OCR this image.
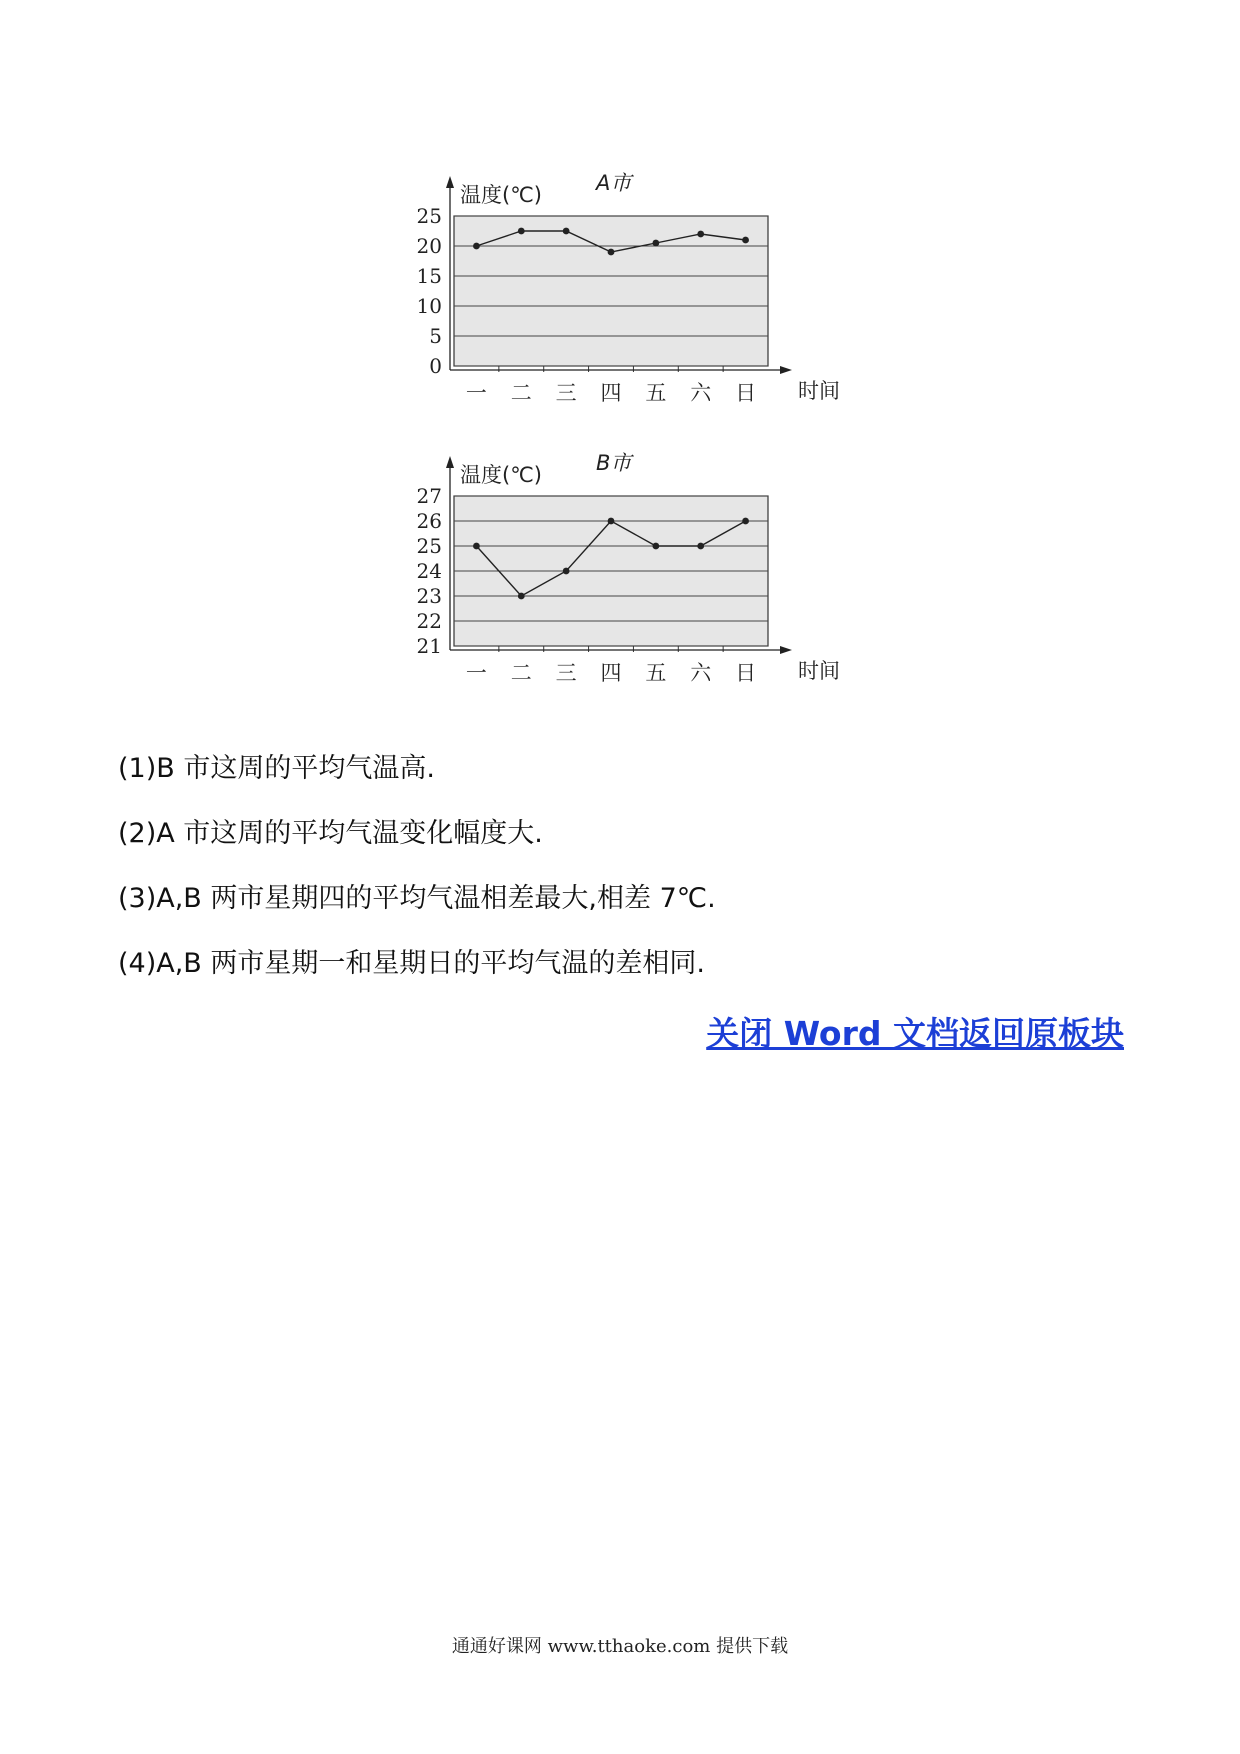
0
5
10
15
20
25
温度(℃)	A市
时间
一 二 三 四 五 六 日
21
22
23
24
25
26
27
温度(℃)	B市
时间
一 二 三 四 五 六 日
(1)B 市这周的平均气温高.
(2)A 市这周的平均气温变化幅度大.
(3)A,B 两市星期四的平均气温相差最大,相差 7℃.
(4)A,B 两市星期一和星期日的平均气温的差相同.
关闭 Word 文档返回原板块
通通好课网 www.tthaoke.com 提供下载
